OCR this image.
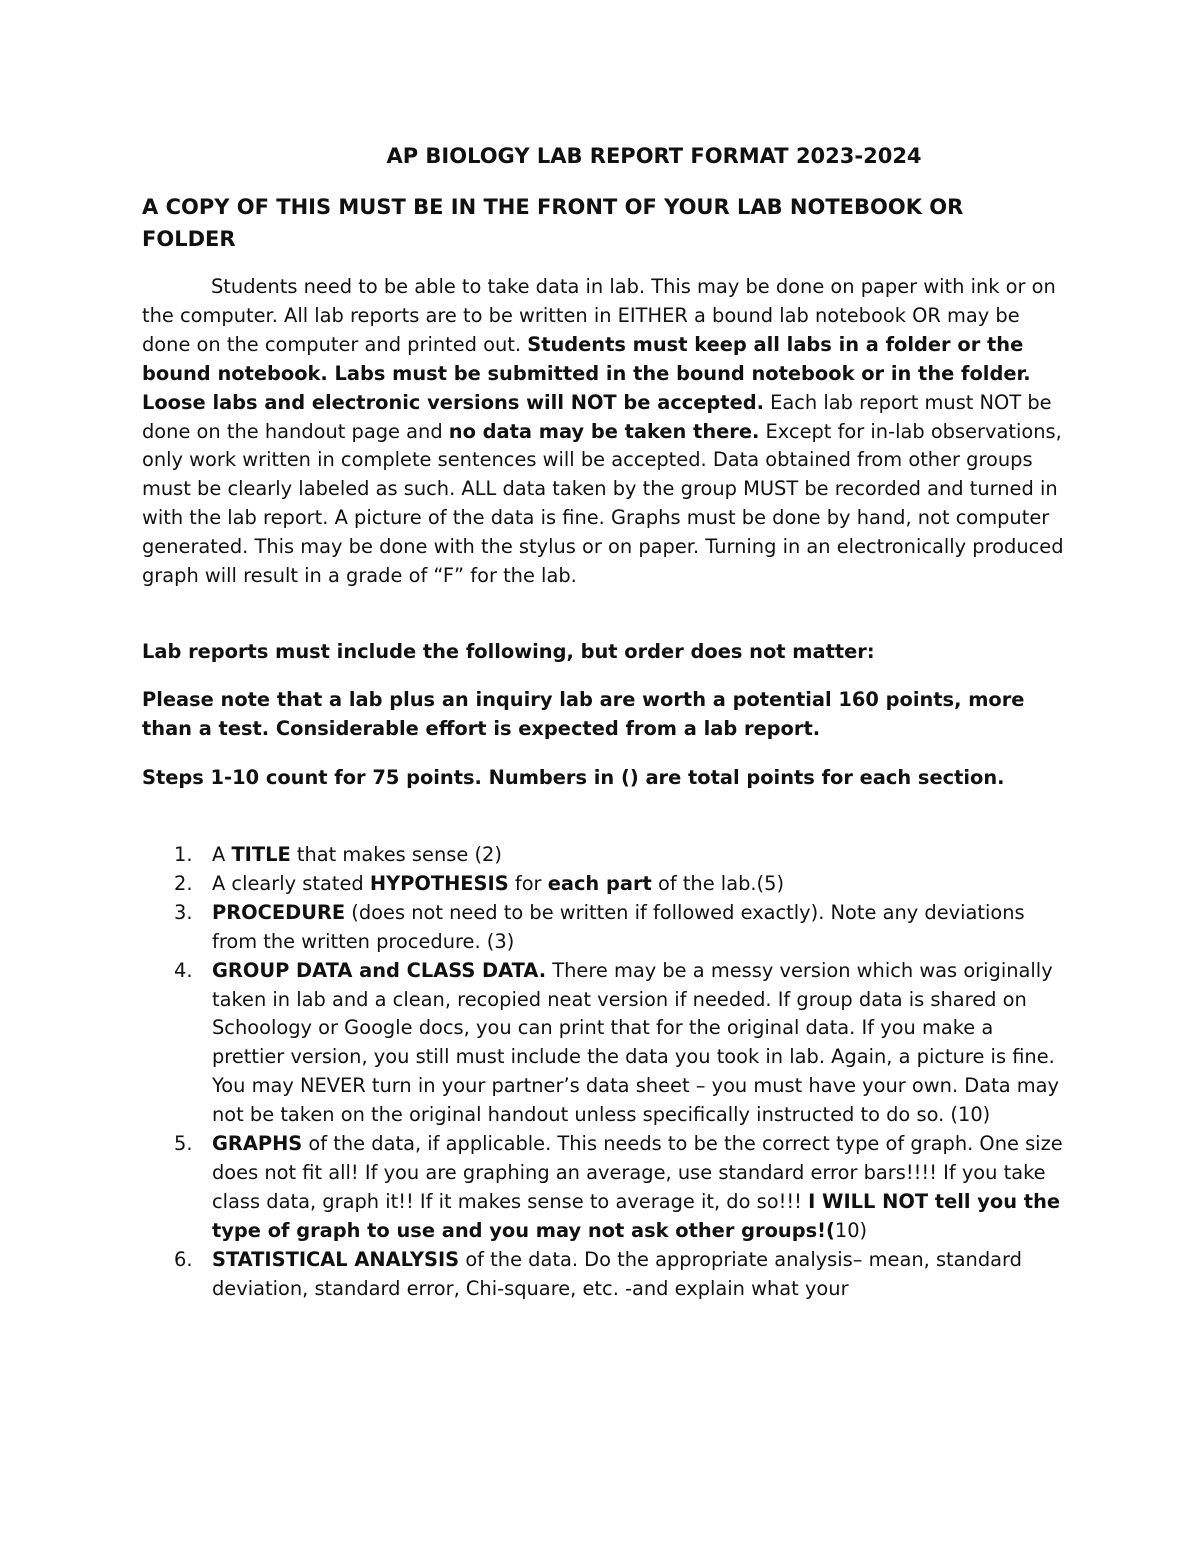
AP BIOLOGY LAB REPORT FORMAT 2023-2024
A COPY OF THIS MUST BE IN THE FRONT OF YOUR LAB NOTEBOOK OR FOLDER
Students need to be able to take data in lab. This may be done on paper with ink or on the computer. All lab reports are to be written in EITHER a bound lab notebook OR may be done on the computer and printed out. Students must keep all labs in a folder or the bound notebook. Labs must be submitted in the bound notebook or in the folder. Loose labs and electronic versions will NOT be accepted. Each lab report must NOT be done on the handout page and no data may be taken there. Except for in-lab observations, only work written in complete sentences will be accepted. Data obtained from other groups must be clearly labeled as such. ALL data taken by the group MUST be recorded and turned in with the lab report. A picture of the data is fine. Graphs must be done by hand, not computer generated. This may be done with the stylus or on paper. Turning in an electronically produced graph will result in a grade of “F” for the lab.
Lab reports must include the following, but order does not matter:
Please note that a lab plus an inquiry lab are worth a potential 160 points, more than a test. Considerable effort is expected from a lab report.
Steps 1-10 count for 75 points. Numbers in () are total points for each section.
1. A TITLE that makes sense (2)
2. A clearly stated HYPOTHESIS for each part of the lab.(5)
3. PROCEDURE (does not need to be written if followed exactly). Note any deviations from the written procedure. (3)
4. GROUP DATA and CLASS DATA. There may be a messy version which was originally taken in lab and a clean, recopied neat version if needed. If group data is shared on Schoology or Google docs, you can print that for the original data. If you make a prettier version, you still must include the data you took in lab. Again, a picture is fine. You may NEVER turn in your partner’s data sheet – you must have your own. Data may not be taken on the original handout unless specifically instructed to do so. (10)
5. GRAPHS of the data, if applicable. This needs to be the correct type of graph. One size does not fit all! If you are graphing an average, use standard error bars!!!! If you take class data, graph it!! If it makes sense to average it, do so!!! I WILL NOT tell you the type of graph to use and you may not ask other groups!(10)
6. STATISTICAL ANALYSIS of the data. Do the appropriate analysis– mean, standard deviation, standard error, Chi-square, etc. -and explain what your
